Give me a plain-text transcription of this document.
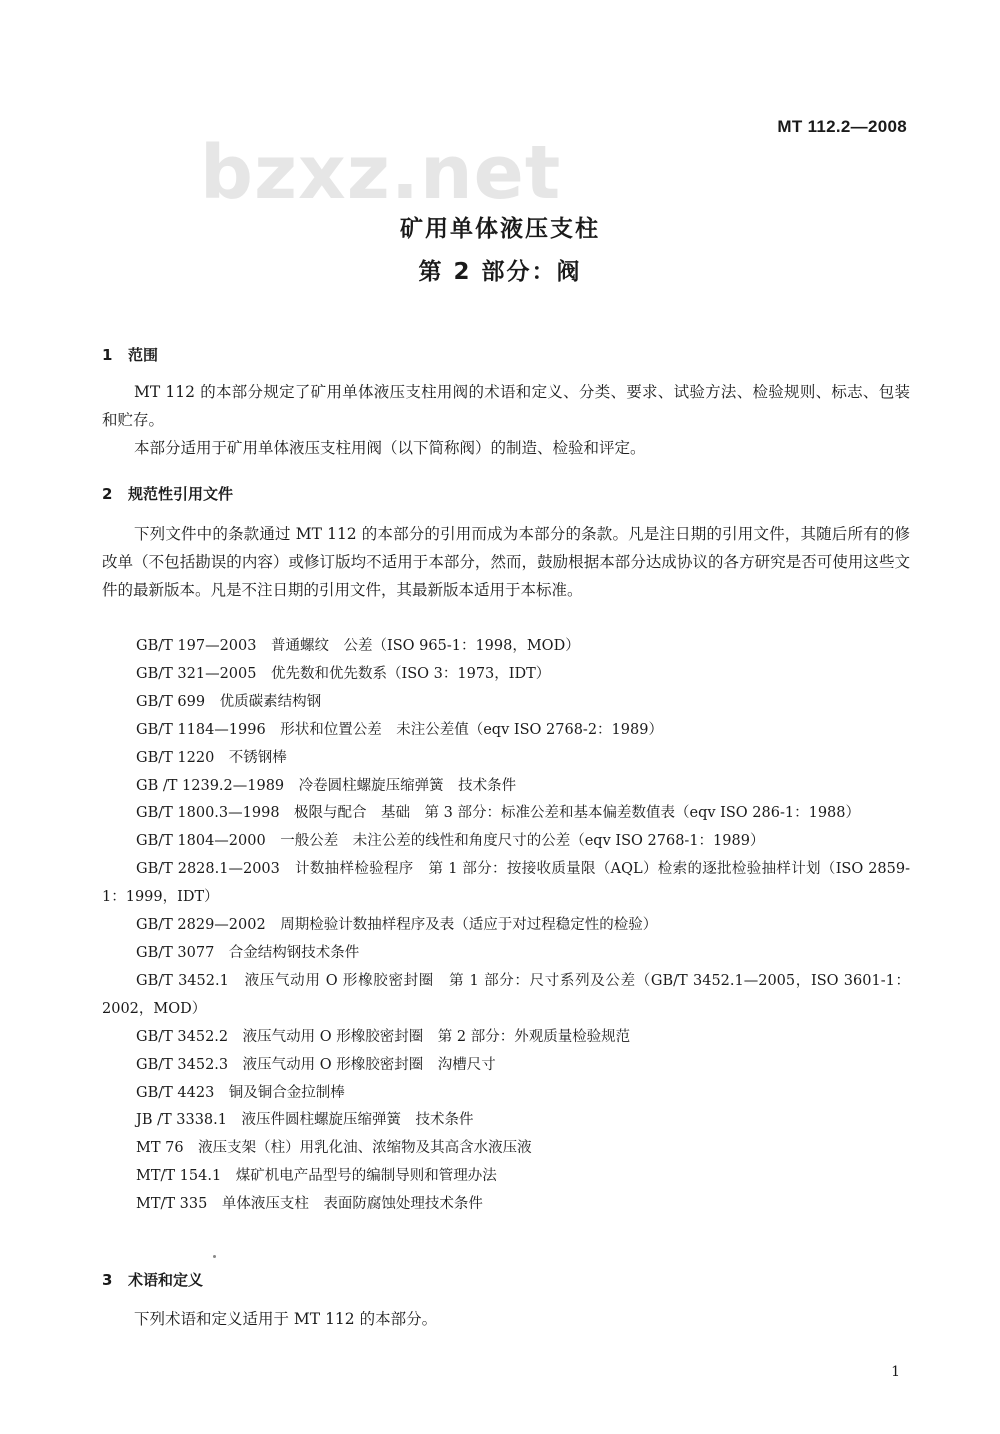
bzxz.net
MT 112.2—2008
矿用单体液压支柱
第 2 部分：阀
1 范围

MT 112 的本部分规定了矿用单体液压支柱用阀的术语和定义、分类、要求、试验方法、检验规则、标志、包装和贮存。

本部分适用于矿用单体液压支柱用阀（以下简称阀）的制造、检验和评定。

2 规范性引用文件

下列文件中的条款通过 MT 112 的本部分的引用而成为本部分的条款。凡是注日期的引用文件，其随后所有的修改单（不包括勘误的内容）或修订版均不适用于本部分，然而，鼓励根据本部分达成协议的各方研究是否可使用这些文件的最新版本。凡是不注日期的引用文件，其最新版本适用于本标准。

GB/T 197—2003　普通螺纹　公差（ISO 965-1：1998，MOD）
GB/T 321—2005　优先数和优先数系（ISO 3：1973，IDT）
GB/T 699　优质碳素结构钢
GB/T 1184—1996　形状和位置公差　未注公差值（eqv ISO 2768-2：1989）
GB/T 1220　不锈钢棒
GB /T 1239.2—1989　冷卷圆柱螺旋压缩弹簧　技术条件
GB/T 1800.3—1998　极限与配合　基础　第 3 部分：标准公差和基本偏差数值表（eqv ISO 286-1：1988）
GB/T 1804—2000　一般公差　未注公差的线性和角度尺寸的公差（eqv ISO 2768-1：1989）
GB/T 2828.1—2003　计数抽样检验程序　第 1 部分：按接收质量限（AQL）检索的逐批检验抽样计划（ISO 2859-1：1999，IDT）
GB/T 2829—2002　周期检验计数抽样程序及表（适应于对过程稳定性的检验）
GB/T 3077　合金结构钢技术条件
GB/T 3452.1　液压气动用 O 形橡胶密封圈　第 1 部分：尺寸系列及公差（GB/T 3452.1—2005，ISO 3601-1：2002，MOD）
GB/T 3452.2　液压气动用 O 形橡胶密封圈　第 2 部分：外观质量检验规范
GB/T 3452.3　液压气动用 O 形橡胶密封圈　沟槽尺寸
GB/T 4423　铜及铜合金拉制棒
JB /T 3338.1　液压件圆柱螺旋压缩弹簧　技术条件
MT 76　液压支架（柱）用乳化油、浓缩物及其高含水液压液
MT/T 154.1　煤矿机电产品型号的编制导则和管理办法
MT/T 335　单体液压支柱　表面防腐蚀处理技术条件
3 术语和定义

下列术语和定义适用于 MT 112 的本部分。

1
